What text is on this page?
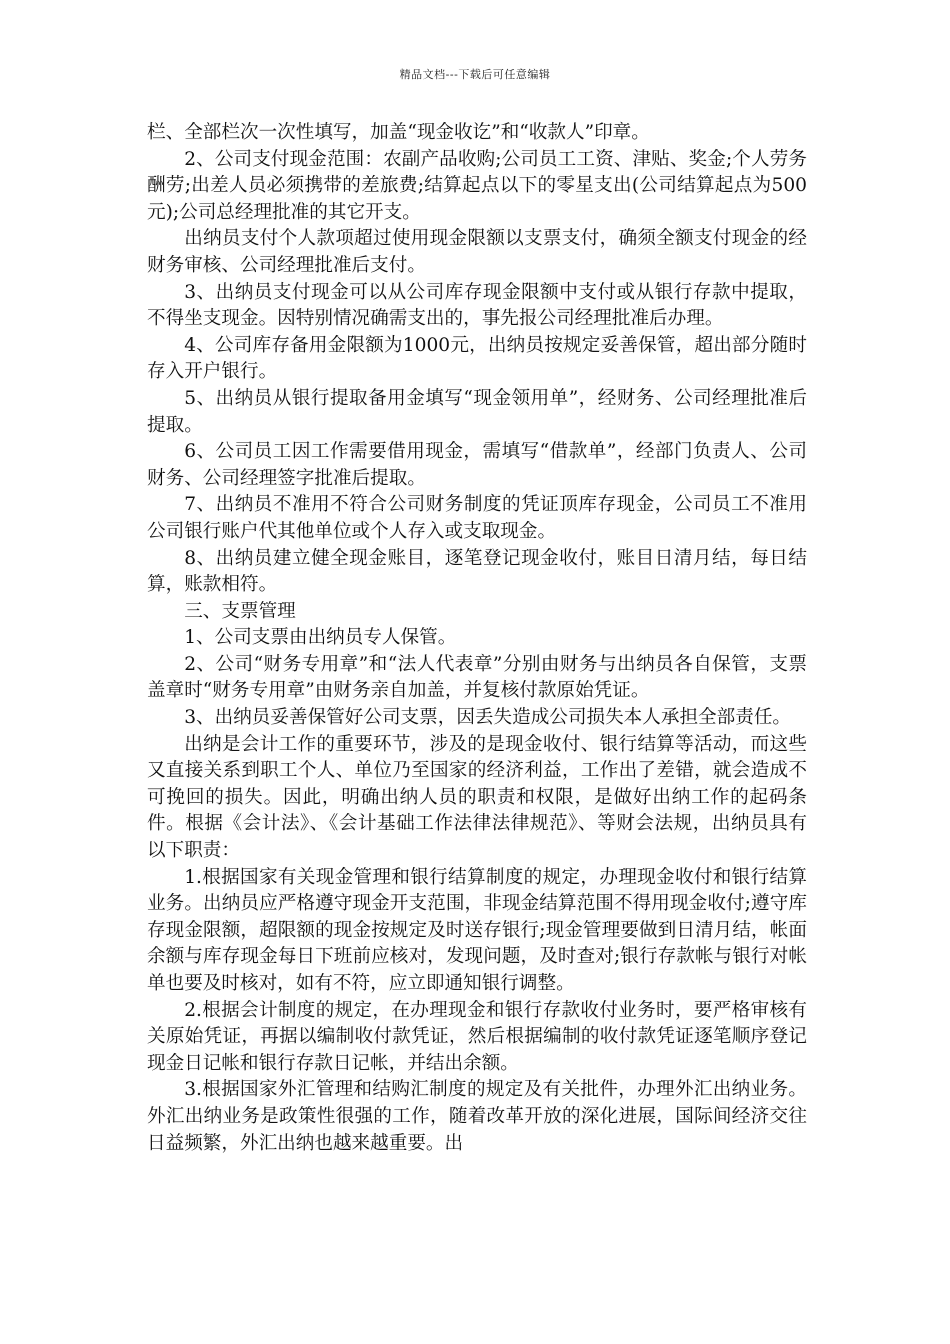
精品文档---下载后可任意编辑

栏、全部栏次一次性填写，加盖“现金收讫”和“收款人”印章。

2、公司支付现金范围：农副产品收购;公司员工工资、津贴、奖金;个人劳务酬劳;出差人员必须携带的差旅费;结算起点以下的零星支出(公司结算起点为500元);公司总经理批准的其它开支。

出纳员支付个人款项超过使用现金限额以支票支付，确须全额支付现金的经财务审核、公司经理批准后支付。

3、出纳员支付现金可以从公司库存现金限额中支付或从银行存款中提取，不得坐支现金。因特别情况确需支出的，事先报公司经理批准后办理。

4、公司库存备用金限额为1000元，出纳员按规定妥善保管，超出部分随时存入开户银行。

5、出纳员从银行提取备用金填写“现金领用单”，经财务、公司经理批准后提取。

6、公司员工因工作需要借用现金，需填写“借款单”，经部门负责人、公司财务、公司经理签字批准后提取。

7、出纳员不准用不符合公司财务制度的凭证顶库存现金，公司员工不准用公司银行账户代其他单位或个人存入或支取现金。

8、出纳员建立健全现金账目，逐笔登记现金收付，账目日清月结，每日结算，账款相符。

三、支票管理

1、公司支票由出纳员专人保管。

2、公司“财务专用章”和“法人代表章”分别由财务与出纳员各自保管，支票盖章时“财务专用章”由财务亲自加盖，并复核付款原始凭证。

3、出纳员妥善保管好公司支票，因丢失造成公司损失本人承担全部责任。

出纳是会计工作的重要环节，涉及的是现金收付、银行结算等活动，而这些又直接关系到职工个人、单位乃至国家的经济利益，工作出了差错，就会造成不可挽回的损失。因此，明确出纳人员的职责和权限，是做好出纳工作的起码条件。根据《会计法》、《会计基础工作法律法律规范》、等财会法规，出纳员具有以下职责：

1.根据国家有关现金管理和银行结算制度的规定，办理现金收付和银行结算业务。出纳员应严格遵守现金开支范围，非现金结算范围不得用现金收付;遵守库存现金限额，超限额的现金按规定及时送存银行;现金管理要做到日清月结，帐面余额与库存现金每日下班前应核对，发现问题，及时查对;银行存款帐与银行对帐单也要及时核对，如有不符，应立即通知银行调整。

2.根据会计制度的规定，在办理现金和银行存款收付业务时，要严格审核有关原始凭证，再据以编制收付款凭证，然后根据编制的收付款凭证逐笔顺序登记现金日记帐和银行存款日记帐，并结出余额。

3.根据国家外汇管理和结购汇制度的规定及有关批件，办理外汇出纳业务。外汇出纳业务是政策性很强的工作，随着改革开放的深化进展，国际间经济交往日益频繁，外汇出纳也越来越重要。出
